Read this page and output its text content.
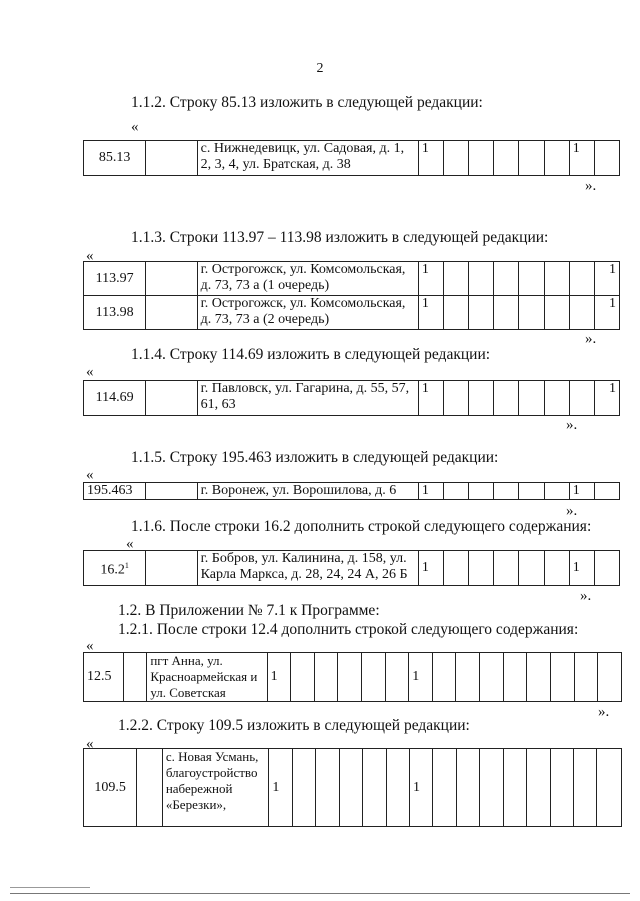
2
1.1.2. Строку 85.13 изложить в следующей редакции:
«
85.13		с. Нижнедевицк, ул. Садовая, д. 1, 2, 3, 4, ул. Братская, д. 38	1						1	
».
1.1.3. Строки 113.97 – 113.98 изложить в следующей редакции:
«
113.97		г. Острогожск, ул. Комсомольская, д. 73, 73 а (1 очередь)	1							1
113.98		г. Острогожск, ул. Комсомольская, д. 73, 73 а (2 очередь)	1							1
».
1.1.4. Строку 114.69 изложить в следующей редакции:
«
114.69		г. Павловск, ул. Гагарина, д. 55, 57, 61, 63	1							1
».
1.1.5. Строку 195.463 изложить в следующей редакции:
«
195.463		г. Воронеж, ул. Ворошилова, д. 6	1						1	
».
1.1.6. После строки 16.2 дополнить строкой следующего содержания:
«
16.2$^1$		г. Бобров, ул. Калинина, д. 158, ул. Карла Маркса, д. 28, 24, 24 А, 26 Б	1						1	
».
1.2. В Приложении № 7.1 к Программе:
1.2.1. После строки 12.4 дополнить строкой следующего содержания:
«
12.5		пгт Анна, ул. Красноармейская и ул. Советская	1						1								
».
1.2.2. Строку 109.5 изложить в следующей редакции:
«
109.5		с. Новая Усмань, благоустройство набережной «Березки»,	1						1								
